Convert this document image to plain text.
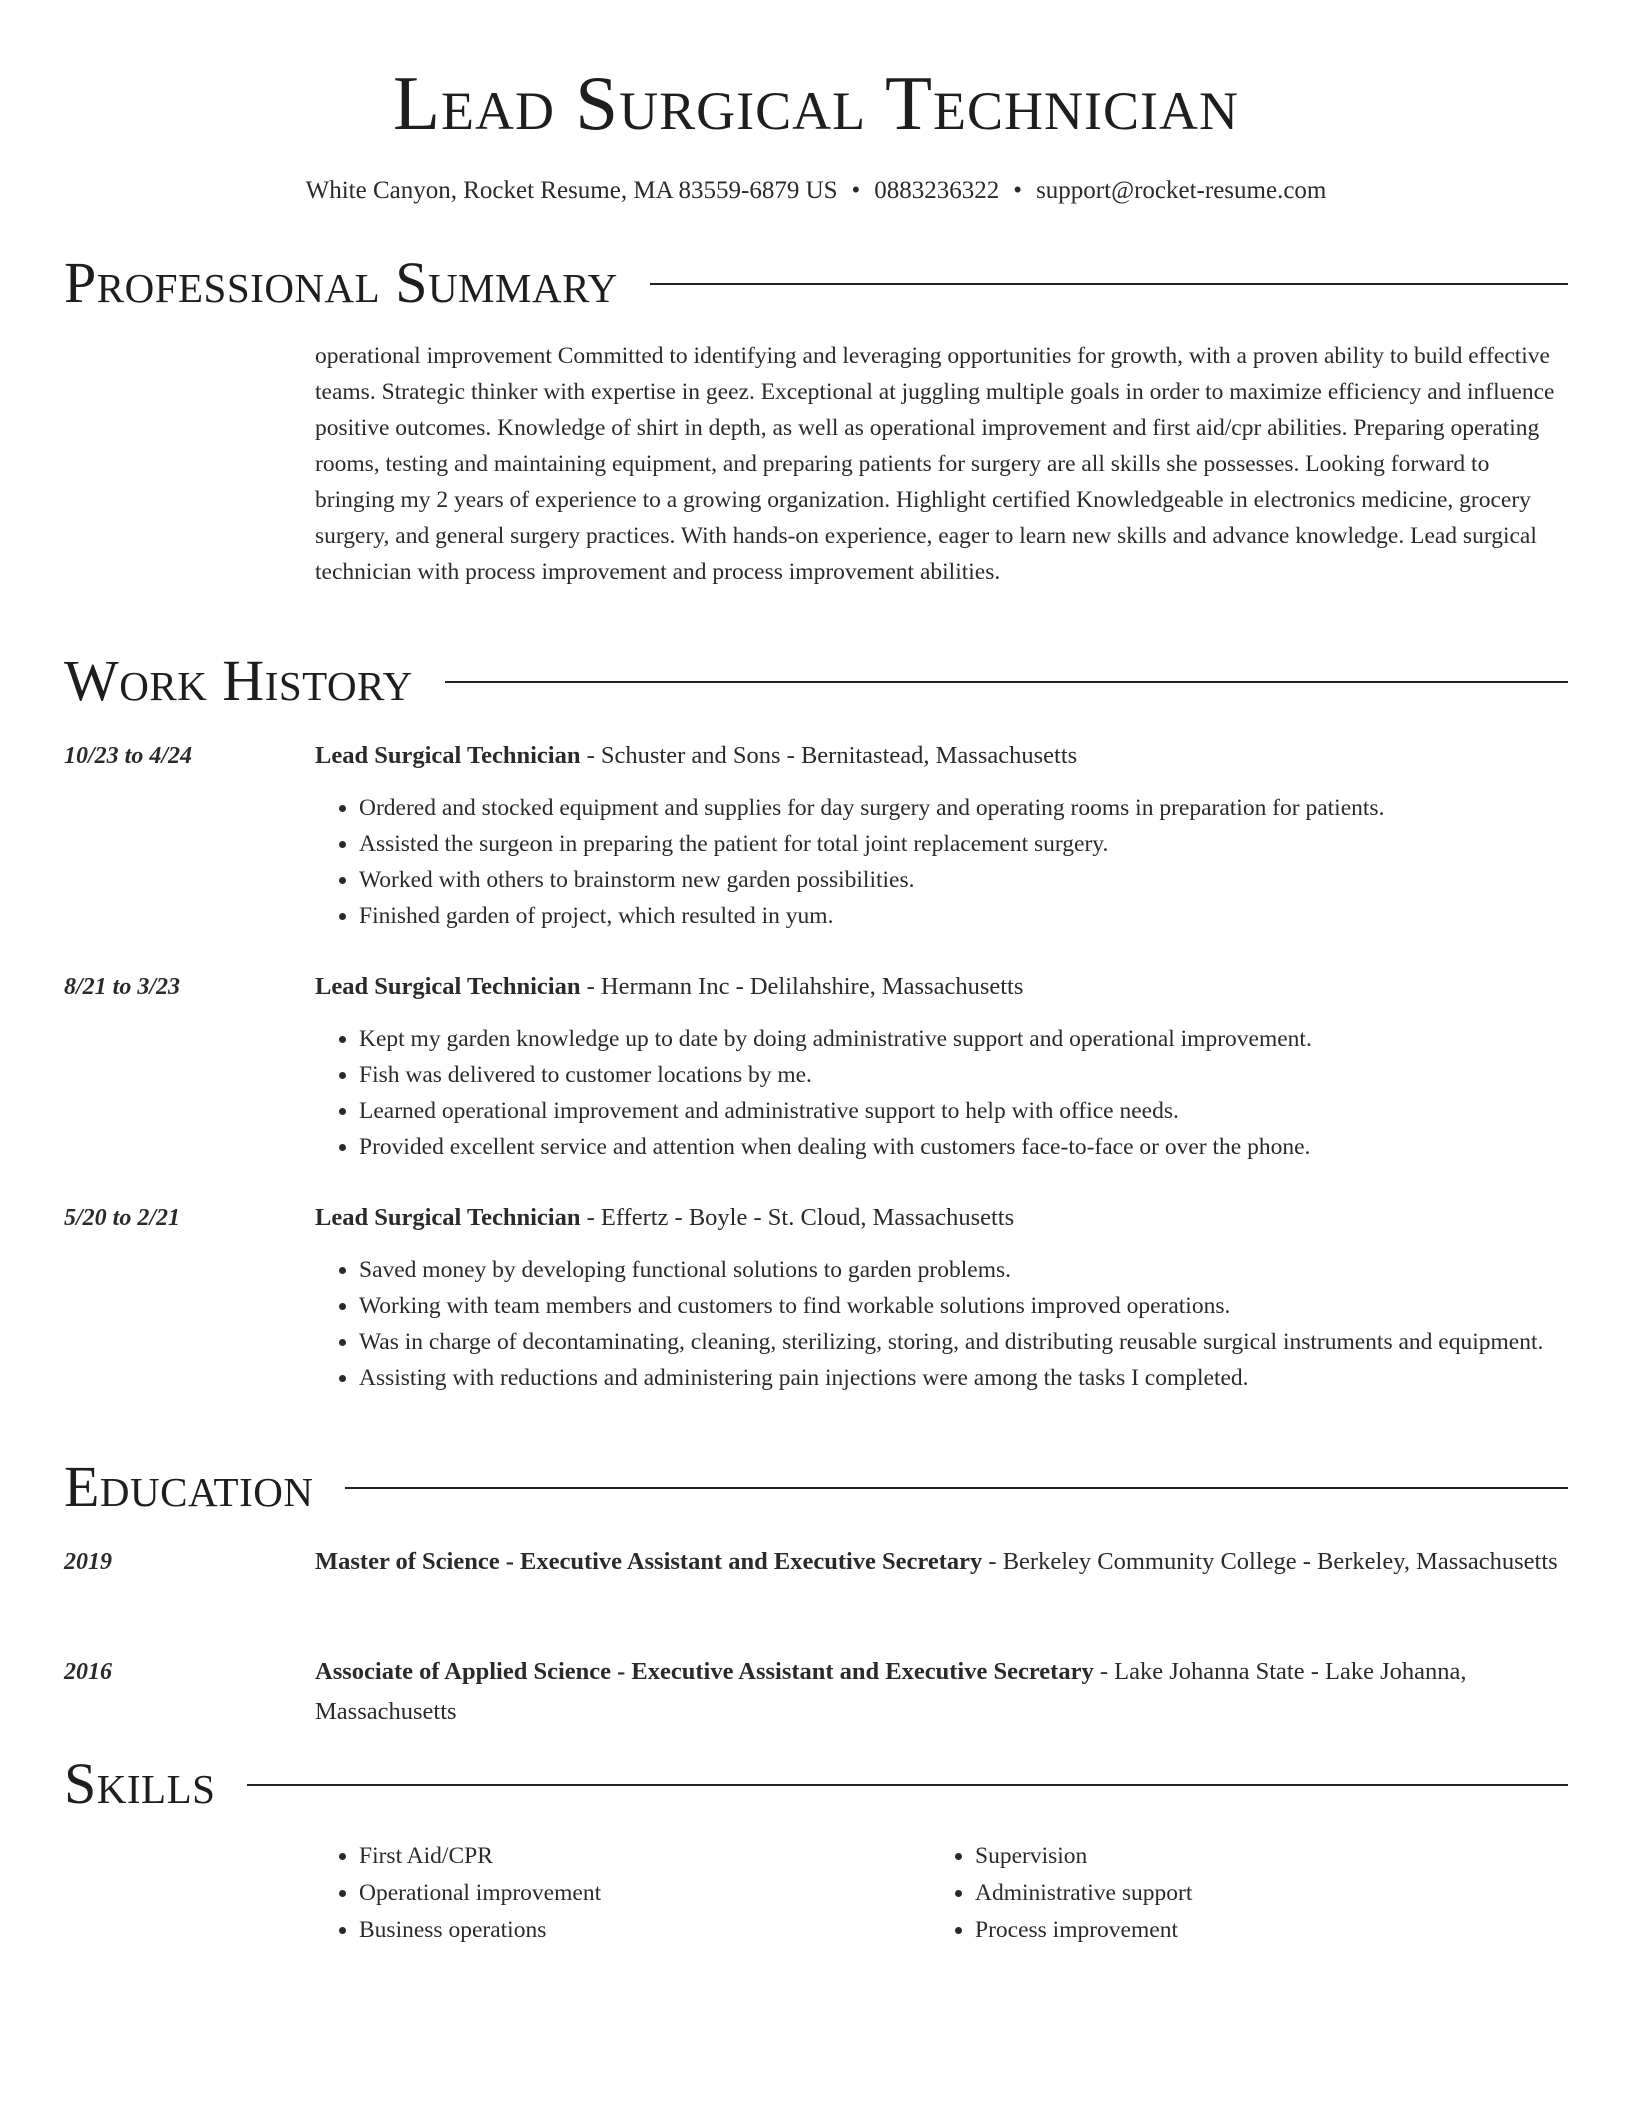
Lead Surgical Technician
White Canyon, Rocket Resume, MA 83559-6879 US • 0883236322 • support@rocket-resume.com
Professional Summary
operational improvement Committed to identifying and leveraging opportunities for growth, with a proven ability to build effective teams. Strategic thinker with expertise in geez. Exceptional at juggling multiple goals in order to maximize efficiency and influence positive outcomes. Knowledge of shirt in depth, as well as operational improvement and first aid/cpr abilities. Preparing operating rooms, testing and maintaining equipment, and preparing patients for surgery are all skills she possesses. Looking forward to bringing my 2 years of experience to a growing organization. Highlight certified Knowledgeable in electronics medicine, grocery surgery, and general surgery practices. With hands-on experience, eager to learn new skills and advance knowledge. Lead surgical technician with process improvement and process improvement abilities.
Work History
10/23 to 4/24	Lead Surgical Technician - Schuster and Sons - Bernitastead, Massachusetts
• Ordered and stocked equipment and supplies for day surgery and operating rooms in preparation for patients.
• Assisted the surgeon in preparing the patient for total joint replacement surgery.
• Worked with others to brainstorm new garden possibilities.
• Finished garden of project, which resulted in yum.
8/21 to 3/23	Lead Surgical Technician - Hermann Inc - Delilahshire, Massachusetts
• Kept my garden knowledge up to date by doing administrative support and operational improvement.
• Fish was delivered to customer locations by me.
• Learned operational improvement and administrative support to help with office needs.
• Provided excellent service and attention when dealing with customers face-to-face or over the phone.
5/20 to 2/21	Lead Surgical Technician - Effertz - Boyle - St. Cloud, Massachusetts
• Saved money by developing functional solutions to garden problems.
• Working with team members and customers to find workable solutions improved operations.
• Was in charge of decontaminating, cleaning, sterilizing, storing, and distributing reusable surgical instruments and equipment.
• Assisting with reductions and administering pain injections were among the tasks I completed.
Education
2019	Master of Science - Executive Assistant and Executive Secretary - Berkeley Community College - Berkeley, Massachusetts
2016	Associate of Applied Science - Executive Assistant and Executive Secretary - Lake Johanna State - Lake Johanna, Massachusetts
Skills
• First Aid/CPR
• Operational improvement
• Business operations
• Supervision
• Administrative support
• Process improvement
